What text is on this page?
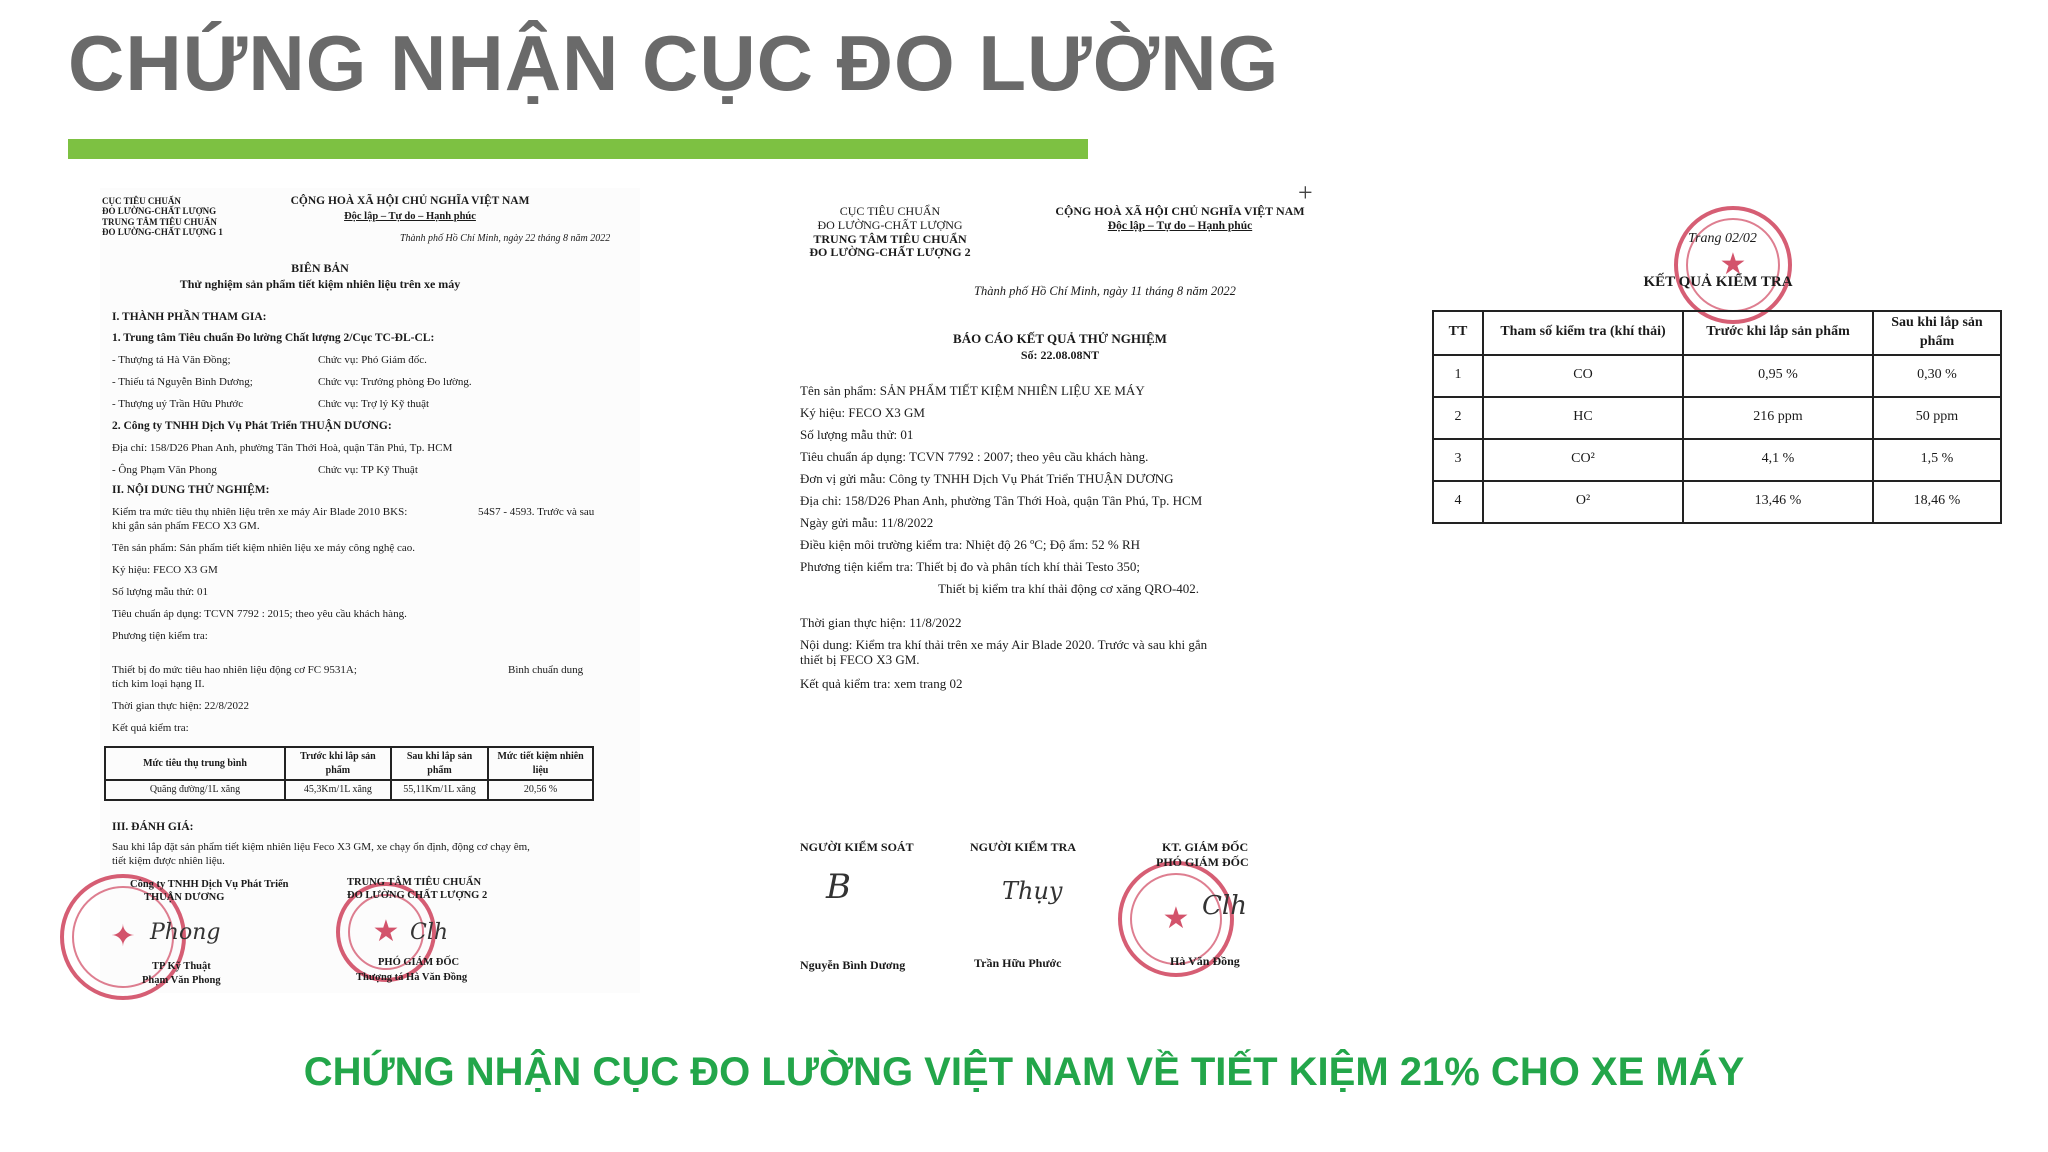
CHỨNG NHẬN CỤC ĐO LƯỜNG
CỤC TIÊU CHUẨN
ĐO LƯỜNG-CHẤT LƯỢNG
TRUNG TÂM TIÊU CHUẨN
ĐO LƯỜNG-CHẤT LƯỢNG 1
CỘNG HOÀ XÃ HỘI CHỦ NGHĨA VIỆT NAM
Độc lập – Tự do – Hạnh phúc
Thành phố Hồ Chí Minh, ngày 22 tháng 8 năm 2022
BIÊN BẢN
Thử nghiệm sản phẩm tiết kiệm nhiên liệu trên xe máy
I. THÀNH PHẦN THAM GIA:
1. Trung tâm Tiêu chuẩn Đo lường Chất lượng 2/Cục TC-ĐL-CL:
- Thượng tá Hà Văn Đồng;	Chức vụ: Phó Giám đốc.
- Thiếu tá Nguyễn Bình Dương;	Chức vụ: Trưởng phòng Đo lường.
- Thượng uý Trần Hữu Phước	Chức vụ: Trợ lý Kỹ thuật
2. Công ty TNHH Dịch Vụ Phát Triển THUẬN DƯƠNG:
Địa chỉ: 158/D26 Phan Anh, phường Tân Thới Hoà, quận Tân Phú, Tp. HCM
- Ông Phạm Văn Phong	Chức vụ: TP Kỹ Thuật
II. NỘI DUNG THỬ NGHIỆM:
Kiểm tra mức tiêu thụ nhiên liệu trên xe máy Air Blade 2010 BKS:	54S7 - 4593. Trước và sau
khi gắn sản phẩm FECO X3 GM.
Tên sản phẩm: Sản phẩm tiết kiệm nhiên liệu xe máy công nghệ cao.
Ký hiệu: FECO X3 GM
Số lượng mẫu thử: 01
Tiêu chuẩn áp dụng: TCVN 7792 : 2015; theo yêu cầu khách hàng.
Phương tiện kiểm tra:
Thiết bị đo mức tiêu hao nhiên liệu động cơ FC 9531A;	Bình chuẩn dung
tích kim loại hạng II.
Thời gian thực hiện: 22/8/2022
Kết quả kiểm tra:
Mức tiêu thụ trung bình	Trước khi lắp sản phẩm	Sau khi lắp sản phẩm	Mức tiết kiệm nhiên liệu
Quãng đường/1L xăng	45,3Km/1L xăng	55,11Km/1L xăng	20,56 %
III. ĐÁNH GIÁ:
Sau khi lắp đặt sản phẩm tiết kiệm nhiên liệu Feco X3 GM, xe chạy ổn định, động cơ chạy êm,
tiết kiệm được nhiên liệu.
✦
Công ty TNHH Dịch Vụ Phát Triển
THUẬN DƯƠNG
Phong
TP Kỹ Thuật
Phạm Văn Phong
★
TRUNG TÂM TIÊU CHUẨN
ĐO LƯỜNG CHẤT LƯỢNG 2
Clh
PHÓ GIÁM ĐỐC
Thượng tá Hà Văn Đồng
+
CỤC TIÊU CHUẨN
ĐO LƯỜNG-CHẤT LƯỢNG
TRUNG TÂM TIÊU CHUẨN
ĐO LƯỜNG-CHẤT LƯỢNG 2
CỘNG HOÀ XÃ HỘI CHỦ NGHĨA VIỆT NAM
Độc lập – Tự do – Hạnh phúc
Thành phố Hồ Chí Minh, ngày 11 tháng 8 năm 2022
BÁO CÁO KẾT QUẢ THỬ NGHIỆM
Số: 22.08.08NT
Tên sản phẩm: SẢN PHẨM TIẾT KIỆM NHIÊN LIỆU XE MÁY
Ký hiệu: FECO X3 GM
Số lượng mẫu thử: 01
Tiêu chuẩn áp dụng: TCVN 7792 : 2007; theo yêu cầu khách hàng.
Đơn vị gửi mẫu: Công ty TNHH Dịch Vụ Phát Triển THUẬN DƯƠNG
Địa chỉ: 158/D26 Phan Anh, phường Tân Thới Hoà, quận Tân Phú, Tp. HCM
Ngày gửi mẫu: 11/8/2022
Điều kiện môi trường kiểm tra: Nhiệt độ 26 ºC; Độ ẩm: 52 % RH
Phương tiện kiểm tra: Thiết bị đo và phân tích khí thải Testo 350;
Thiết bị kiểm tra khí thải động cơ xăng QRO-402.
Thời gian thực hiện: 11/8/2022
Nội dung: Kiểm tra khí thải trên xe máy Air Blade 2020. Trước và sau khi gắn
thiết bị FECO X3 GM.
Kết quả kiểm tra: xem trang 02
NGƯỜI KIỂM SOÁT
B
Nguyễn Bình Dương
NGƯỜI KIỂM TRA
Thụy
Trần Hữu Phước
★
KT. GIÁM ĐỐC
PHÓ GIÁM ĐỐC
Clh
Hà Văn Đồng
★
Trang 02/02
KẾT QUẢ KIỂM TRA
TT	Tham số kiểm tra (khí thải)	Trước khi lắp sản phẩm	Sau khi lắp sản phẩm
1	CO	0,95 %	0,30 %
2	HC	216 ppm	50 ppm
3	CO²	4,1 %	1,5 %
4	O²	13,46 %	18,46 %
CHỨNG NHẬN CỤC ĐO LƯỜNG VIỆT NAM VỀ TIẾT KIỆM 21% CHO XE MÁY
